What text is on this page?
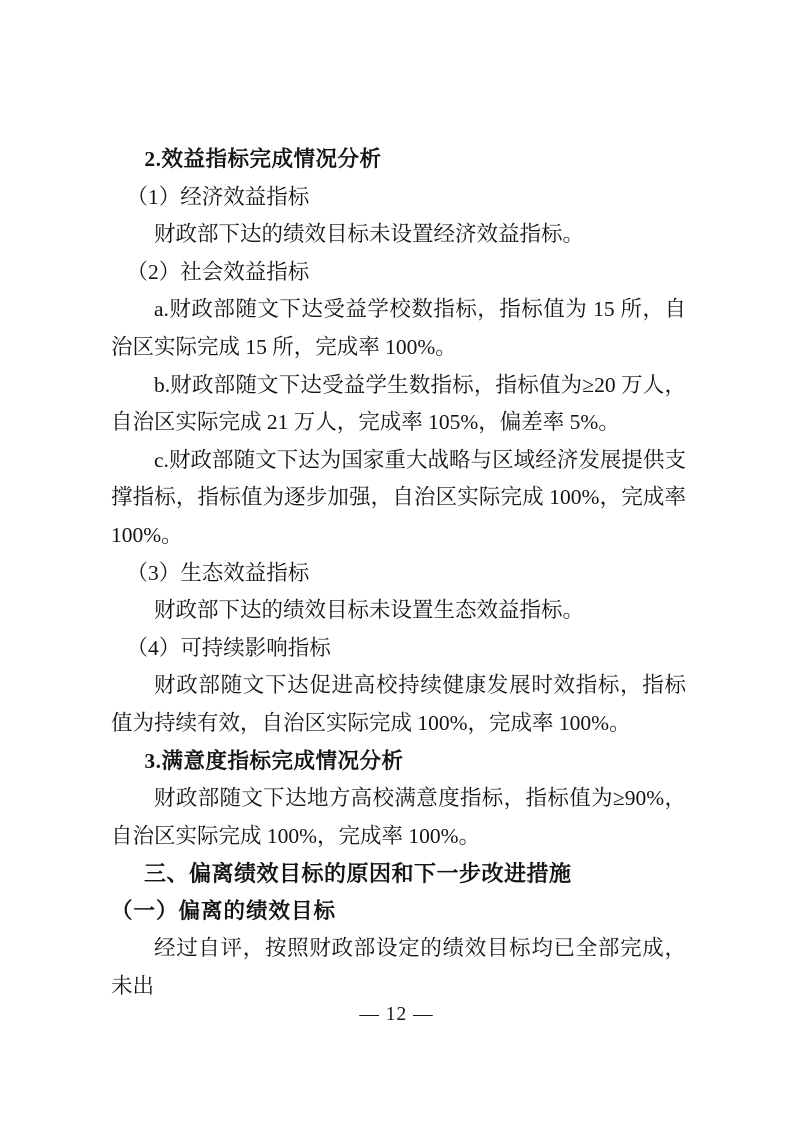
2.效益指标完成情况分析

（1）经济效益指标

财政部下达的绩效目标未设置经济效益指标。

（2）社会效益指标

a.财政部随文下达受益学校数指标，指标值为 15 所，自治区实际完成 15 所，完成率 100%。

b.财政部随文下达受益学生数指标，指标值为≥20 万人，自治区实际完成 21 万人，完成率 105%，偏差率 5%。

c.财政部随文下达为国家重大战略与区域经济发展提供支撑指标，指标值为逐步加强，自治区实际完成 100%，完成率 100%。

（3）生态效益指标

财政部下达的绩效目标未设置生态效益指标。

（4）可持续影响指标

财政部随文下达促进高校持续健康发展时效指标，指标值为持续有效，自治区实际完成 100%，完成率 100%。

3.满意度指标完成情况分析

财政部随文下达地方高校满意度指标，指标值为≥90%，自治区实际完成 100%，完成率 100%。

三、偏离绩效目标的原因和下一步改进措施

（一）偏离的绩效目标

经过自评，按照财政部设定的绩效目标均已全部完成，未出

— 12 —
